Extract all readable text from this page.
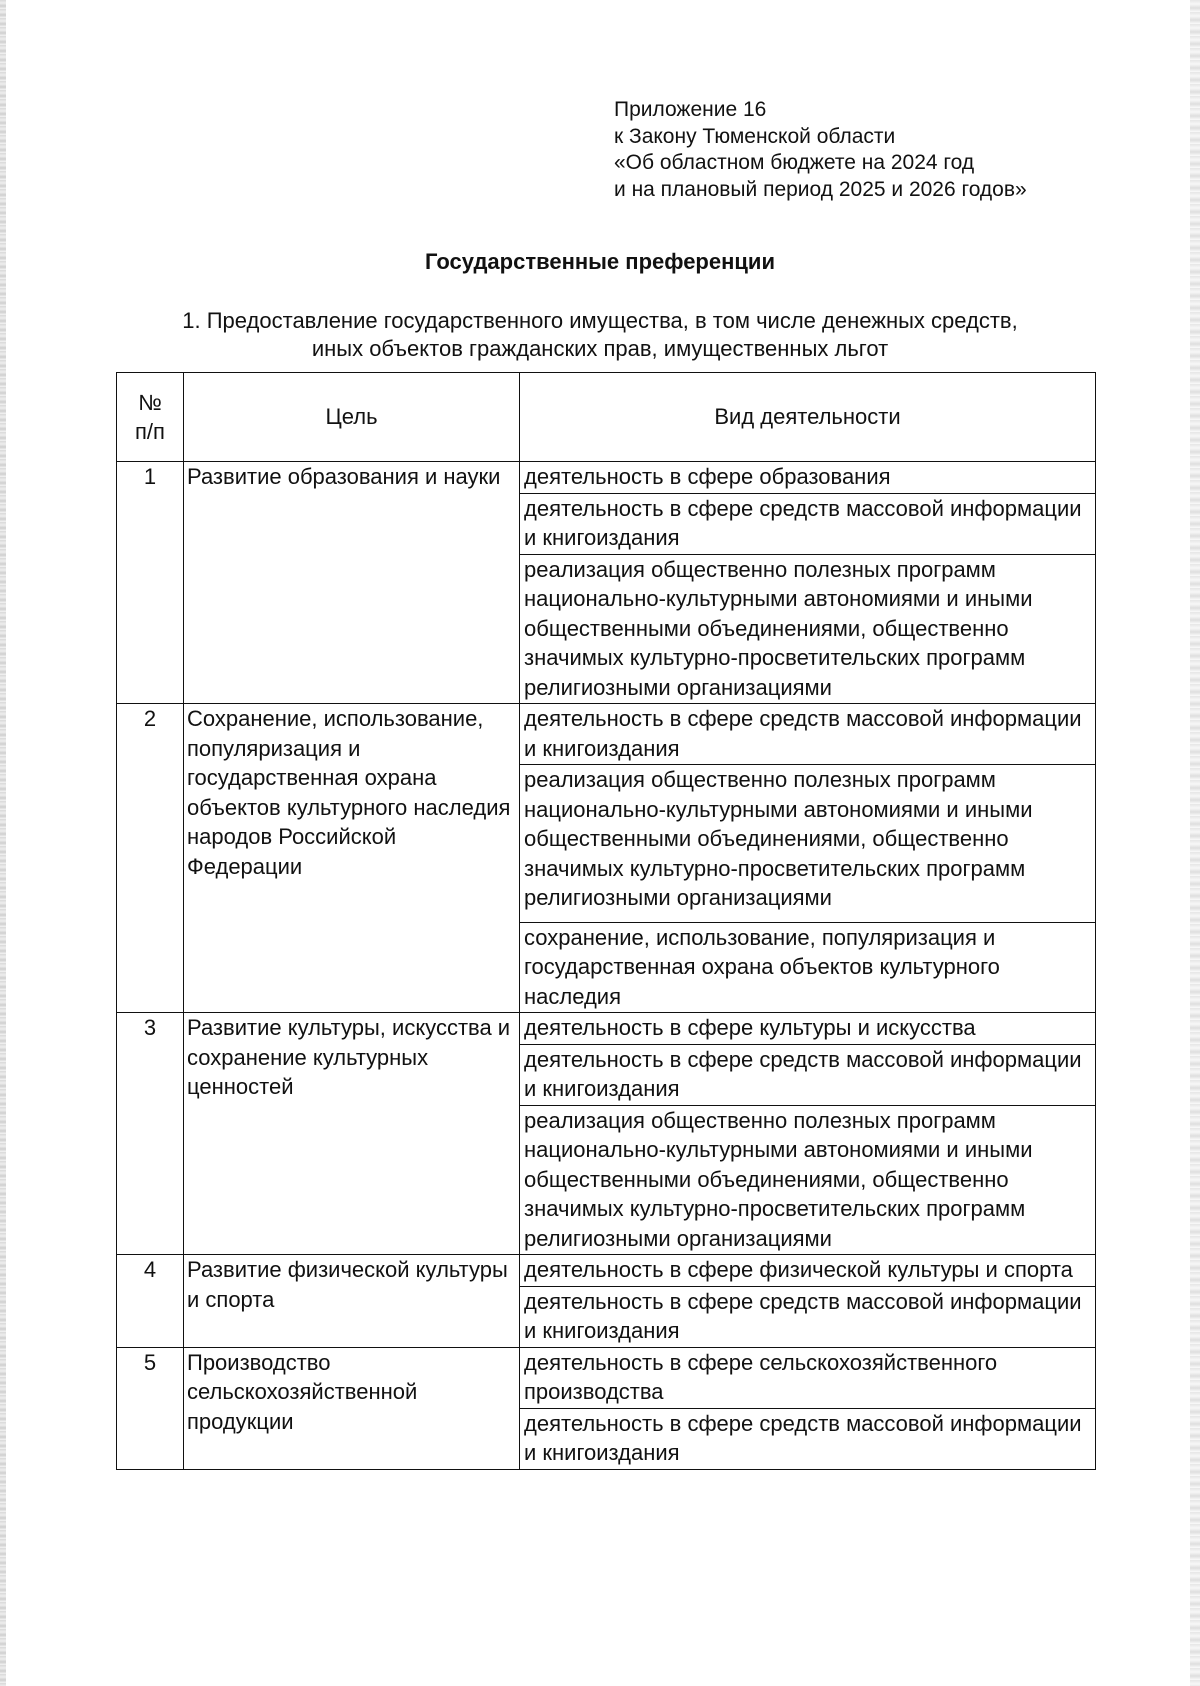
Приложение 16
к Закону Тюменской области
«Об областном бюджете на 2024 год
и на плановый период 2025 и 2026 годов»
Государственные преференции
1. Предоставление государственного имущества, в том числе денежных средств,
иных объектов гражданских прав, имущественных льгот
№
п/п	Цель	Вид деятельности
1	Развитие образования и науки	деятельность в сфере образования
		деятельность в сфере средств массовой информации и книгоиздания
		реализация общественно полезных программ национально-культурными автономиями и иными общественными объединениями, общественно значимых культурно-просветительских программ религиозными организациями
2	Сохранение, использование, популяризация и государственная охрана объектов культурного наследия народов Российской Федерации	деятельность в сфере средств массовой информации и книгоиздания
		реализация общественно полезных программ национально-культурными автономиями и иными общественными объединениями, общественно значимых культурно-просветительских программ религиозными организациями
		сохранение, использование, популяризация и государственная охрана объектов культурного наследия
3	Развитие культуры, искусства и сохранение культурных ценностей	деятельность в сфере культуры и искусства
		деятельность в сфере средств массовой информации и книгоиздания
		реализация общественно полезных программ национально-культурными автономиями и иными общественными объединениями, общественно значимых культурно-просветительских программ религиозными организациями
4	Развитие физической культуры и спорта	деятельность в сфере физической культуры и спорта
		деятельность в сфере средств массовой информации и книгоиздания
5	Производство сельскохозяйственной продукции	деятельность в сфере сельскохозяйственного производства
		деятельность в сфере средств массовой информации и книгоиздания
